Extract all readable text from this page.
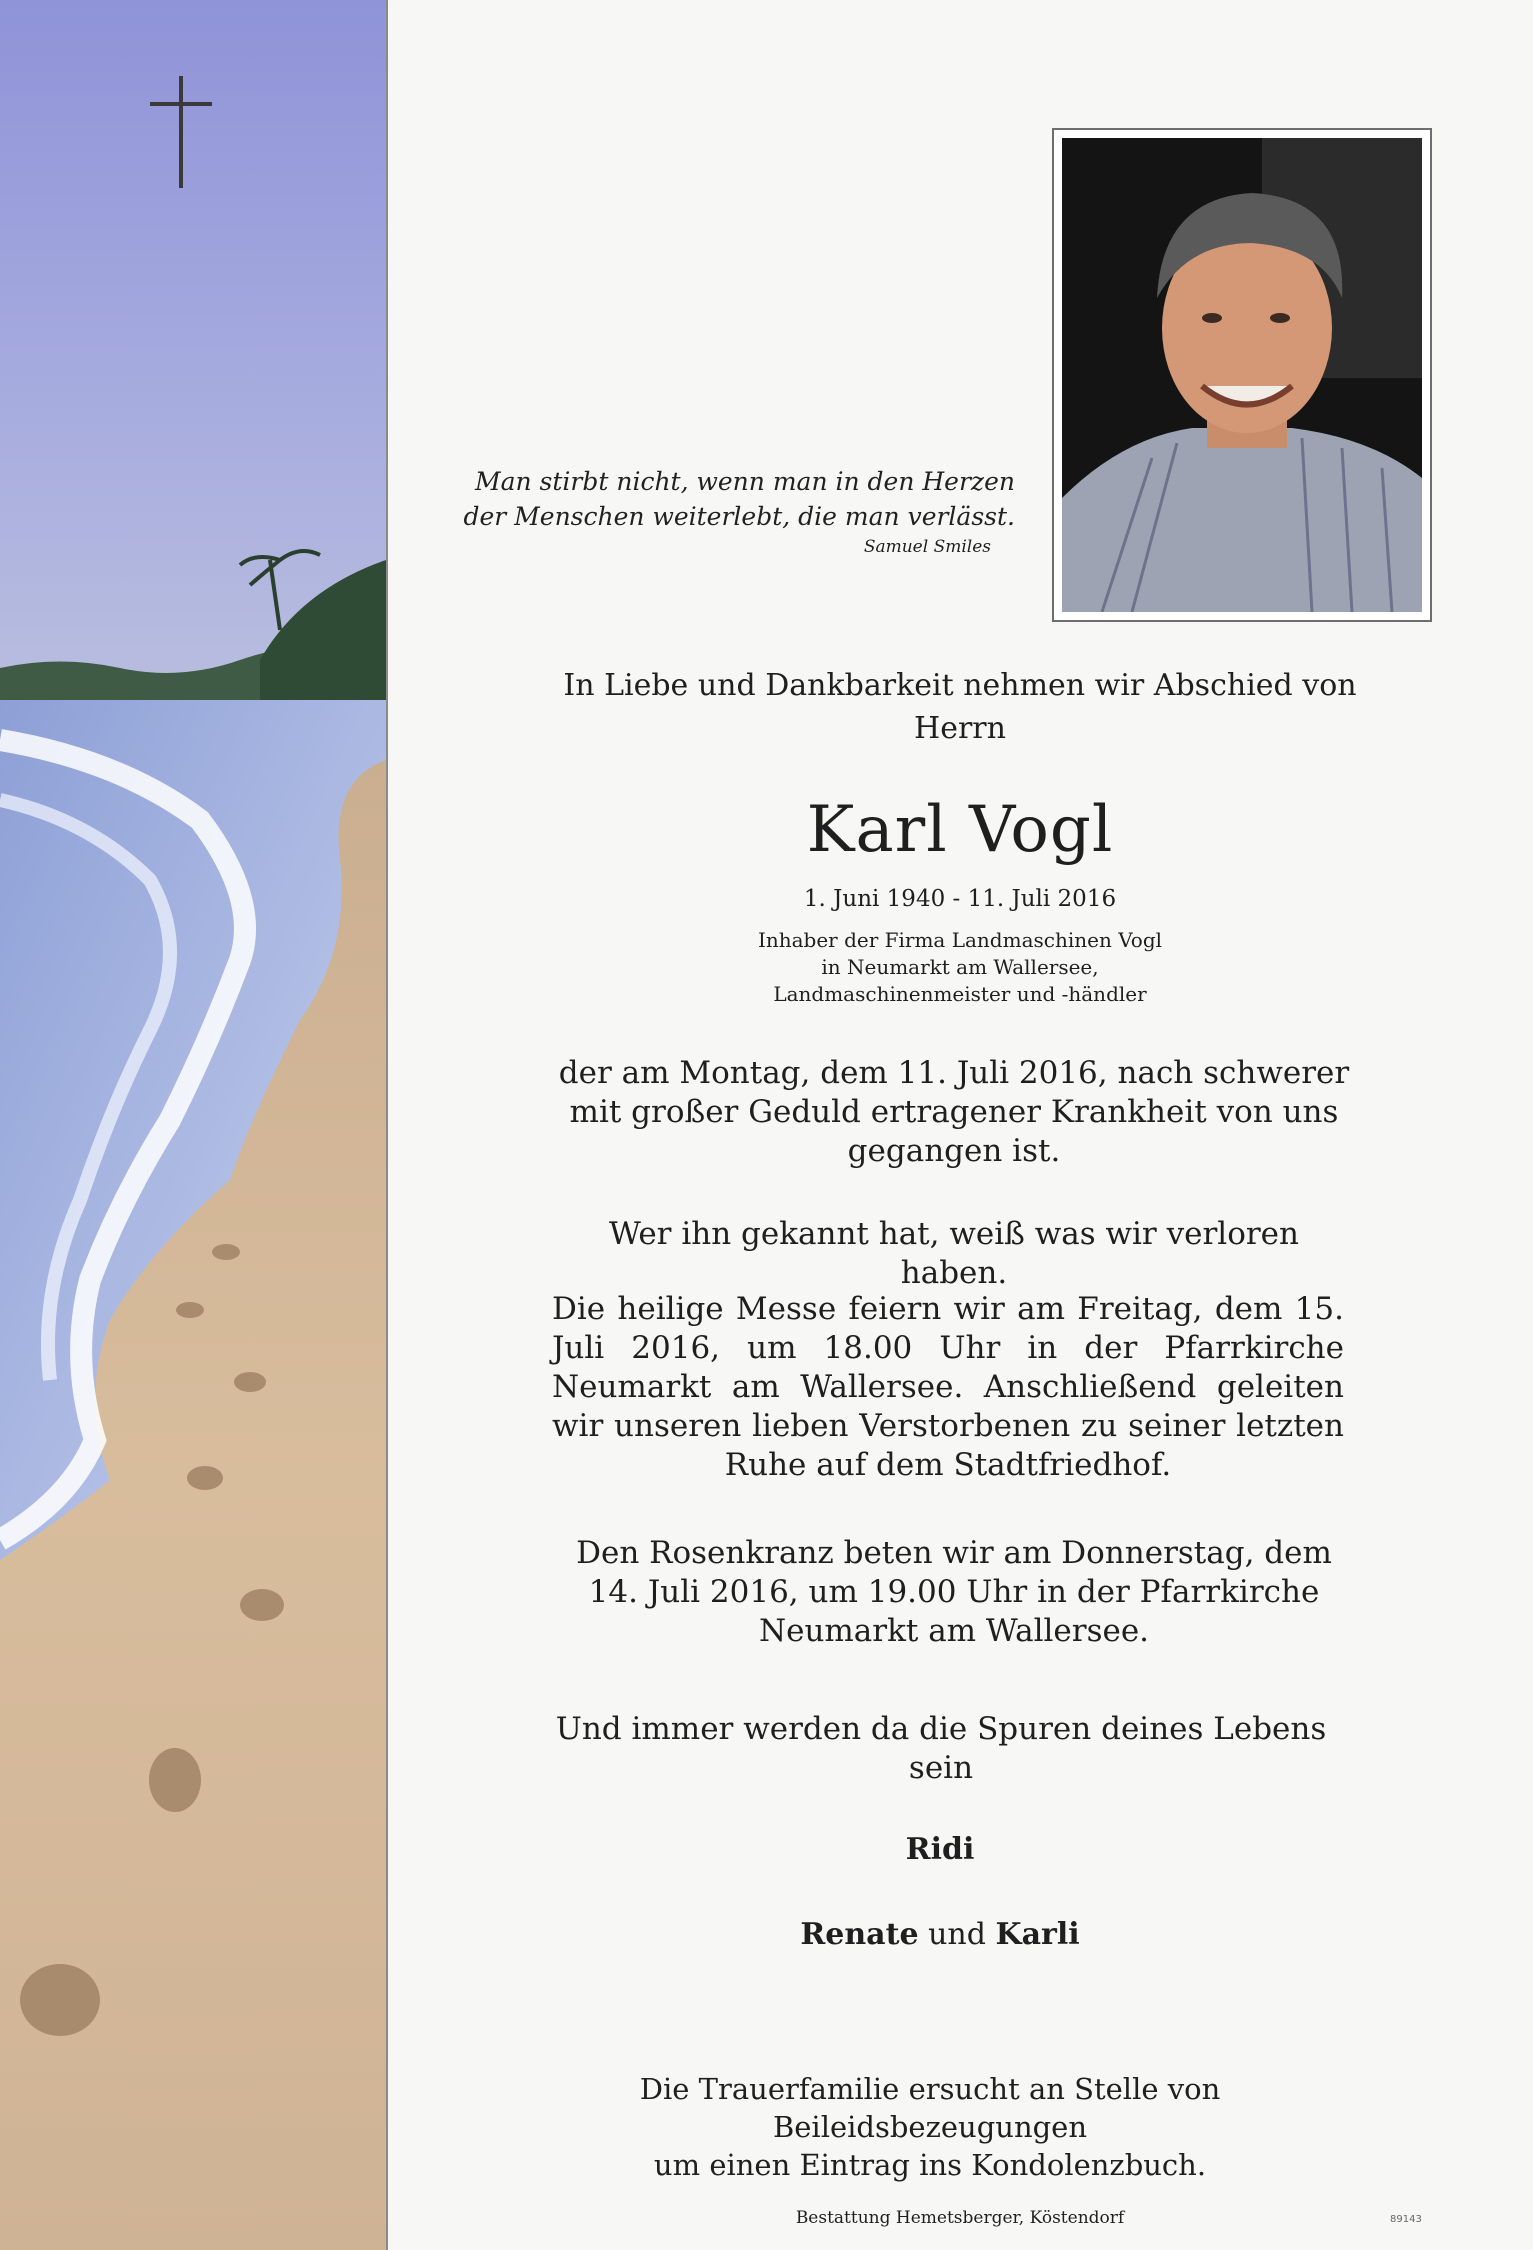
Man stirbt nicht, wenn man in den Herzen
der Menschen weiterlebt, die man verlässt.
Samuel Smiles
In Liebe und Dankbarkeit nehmen wir Abschied von
Herrn
Karl Vogl
1. Juni 1940 - 11. Juli 2016
Inhaber der Firma Landmaschinen Vogl
in Neumarkt am Wallersee,
Landmaschinenmeister und -händler
der am Montag, dem 11. Juli 2016, nach schwerer mit großer Geduld ertragener Krankheit von uns gegangen ist.
Wer ihn gekannt hat, weiß was wir verloren haben.
Die heilige Messe feiern wir am Freitag, dem 15. Juli 2016, um 18.00 Uhr in der Pfarrkirche Neumarkt am Wallersee. Anschließend geleiten wir unseren lieben Verstorbenen zu seiner letzten Ruhe auf dem Stadtfriedhof.
Den Rosenkranz beten wir am Donnerstag, dem 14. Juli 2016, um 19.00 Uhr in der Pfarrkirche Neumarkt am Wallersee.
Und immer werden da die Spuren deines Lebens sein
Ridi
Renate und Karli
Die Trauerfamilie ersucht an Stelle von Beileidsbezeugungen
um einen Eintrag ins Kondolenzbuch.
Bestattung Hemetsberger, Köstendorf	89143
